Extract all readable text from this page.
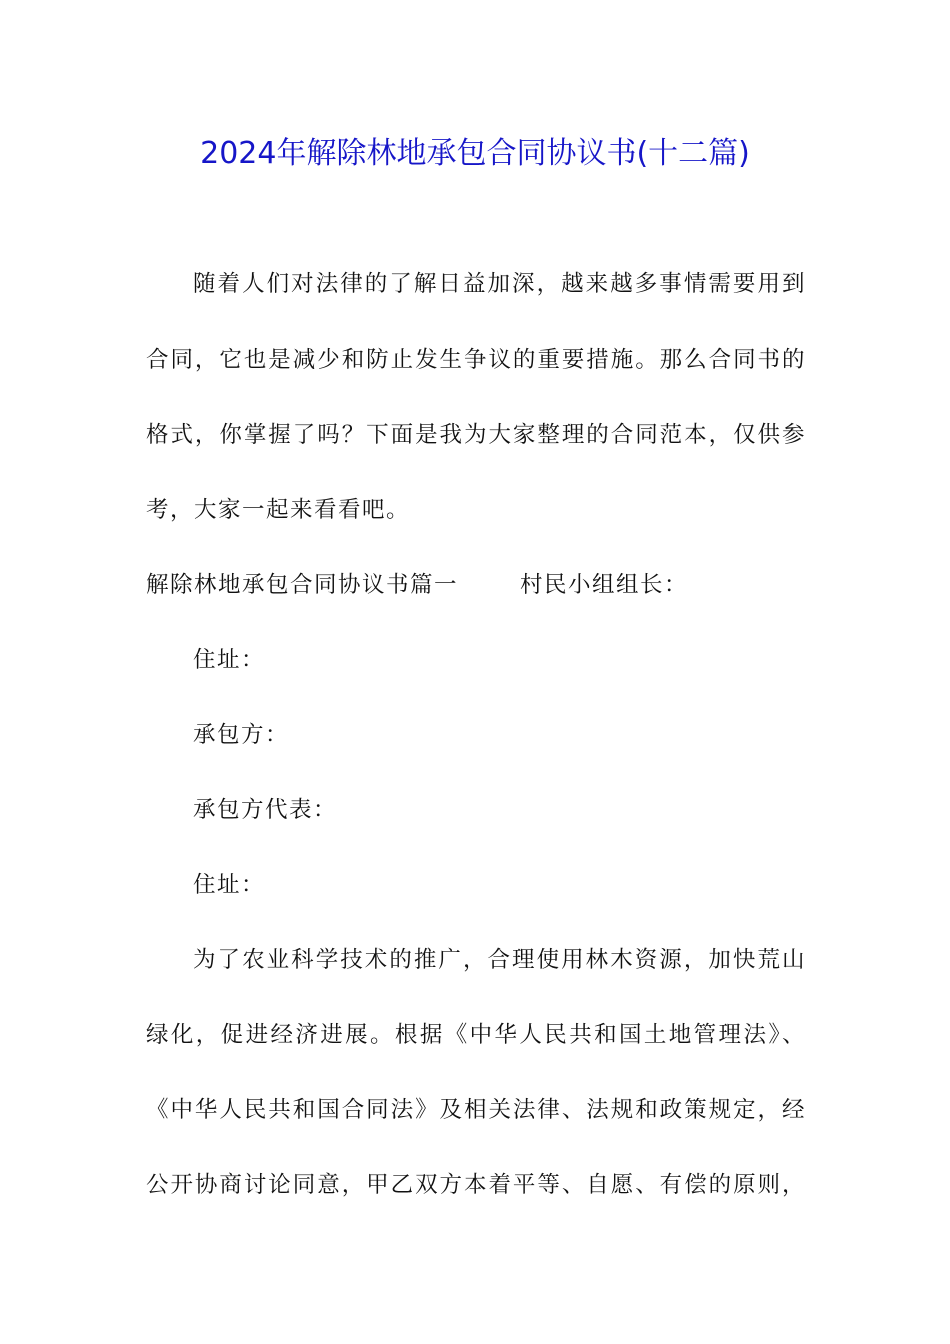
2024年解除林地承包合同协议书(十二篇)
随着人们对法律的了解日益加深，越来越多事情需要用到
合同，它也是减少和防止发生争议的重要措施。那么合同书的
格式，你掌握了吗？下面是我为大家整理的合同范本，仅供参
考，大家一起来看看吧。
解除林地承包合同协议书篇一	村民小组组长：
住址：
承包方：
承包方代表：
住址：
为了农业科学技术的推广，合理使用林木资源，加快荒山
绿化，促进经济进展。根据《中华人民共和国土地管理法》、
《中华人民共和国合同法》及相关法律、法规和政策规定，经
公开协商讨论同意，甲乙双方本着平等、自愿、有偿的原则，
